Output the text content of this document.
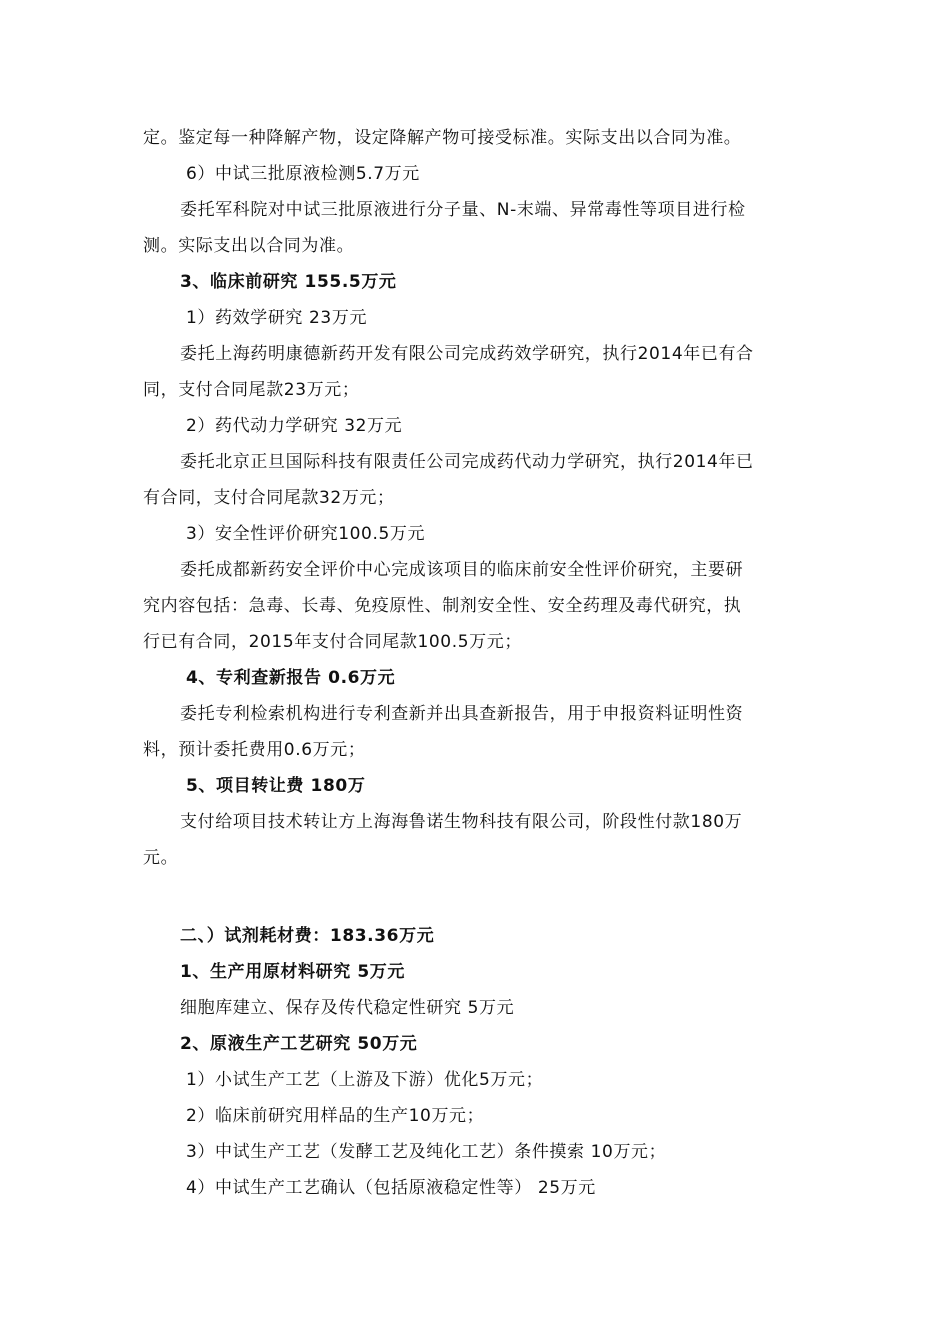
定。鉴定每一种降解产物，设定降解产物可接受标准。实际支出以合同为准。
6）中试三批原液检测5.7万元
委托军科院对中试三批原液进行分子量、N-末端、异常毒性等项目进行检
测。实际支出以合同为准。
3、临床前研究 155.5万元
1）药效学研究 23万元
委托上海药明康德新药开发有限公司完成药效学研究，执行2014年已有合
同，支付合同尾款23万元；
2）药代动力学研究 32万元
委托北京正旦国际科技有限责任公司完成药代动力学研究，执行2014年已
有合同，支付合同尾款32万元；
3）安全性评价研究100.5万元
委托成都新药安全评价中心完成该项目的临床前安全性评价研究，主要研
究内容包括：急毒、长毒、免疫原性、制剂安全性、安全药理及毒代研究，执
行已有合同，2015年支付合同尾款100.5万元；
4、专利查新报告 0.6万元
委托专利检索机构进行专利查新并出具查新报告，用于申报资料证明性资
料，预计委托费用0.6万元；
5、项目转让费 180万
支付给项目技术转让方上海海鲁诺生物科技有限公司，阶段性付款180万
元。
二、）试剂耗材费：183.36万元
1、生产用原材料研究 5万元
细胞库建立、保存及传代稳定性研究 5万元
2、原液生产工艺研究 50万元
1）小试生产工艺（上游及下游）优化5万元；
2）临床前研究用样品的生产10万元；
3）中试生产工艺（发酵工艺及纯化工艺）条件摸索 10万元；
4）中试生产工艺确认（包括原液稳定性等） 25万元
